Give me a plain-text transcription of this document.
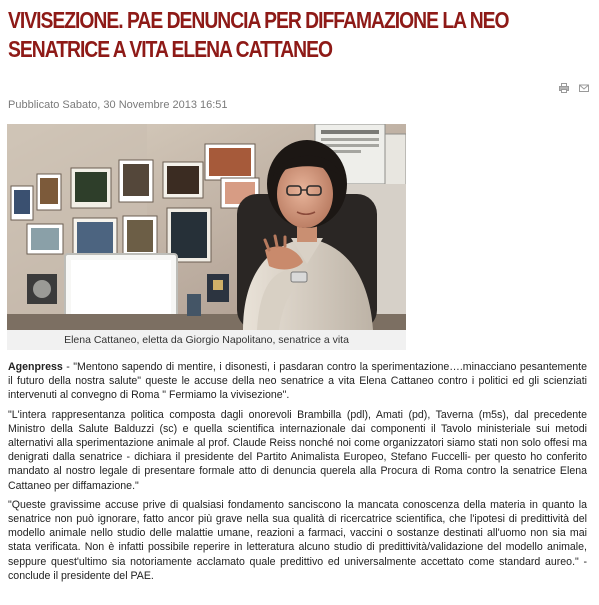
VIVISEZIONE. PAE DENUNCIA PER DIFFAMAZIONE LA NEO SENATRICE A VITA ELENA CATTANEO
Pubblicato Sabato, 30 Novembre 2013 16:51
Elena Cattaneo, eletta da Giorgio Napolitano, senatrice a vita

Agenpress - "Mentono sapendo di mentire, i disonesti, i pasdaran contro la sperimentazione….minacciano pesantemente il futuro della nostra salute" queste le accuse della neo senatrice a vita Elena Cattaneo contro i politici ed gli scienziati intervenuti al convegno di Roma " Fermiamo la vivisezione".

"L'intera rappresentanza politica composta dagli onorevoli Brambilla (pdl), Amati (pd), Taverna (m5s), dal precedente Ministro della Salute Balduzzi (sc) e quella scientifica internazionale dai componenti il Tavolo ministeriale sui metodi alternativi alla sperimentazione animale al prof. Claude Reiss nonché noi come organizzatori siamo stati non solo offesi ma denigrati dalla senatrice - dichiara il presidente del Partito Animalista Europeo, Stefano Fuccelli- per questo ho conferito mandato al nostro legale di presentare formale atto di denuncia querela alla Procura di Roma contro la senatrice Elena Cattaneo per diffamazione."

"Queste gravissime accuse prive di qualsiasi fondamento sanciscono la mancata conoscenza della materia in quanto la senatrice non può ignorare, fatto ancor più grave nella sua qualità di ricercatrice scientifica, che l'ipotesi di predittività del modello animale nello studio delle malattie umane, reazioni a farmaci, vaccini o sostanze destinati all'uomo non sia mai stata verificata. Non è infatti possibile reperire in letteratura alcuno studio di predittività/validazione del modello animale, seppure quest'ultimo sia notoriamente acclamato quale predittivo ed universalmente accettato come standard aureo." - conclude il presidente del PAE.
